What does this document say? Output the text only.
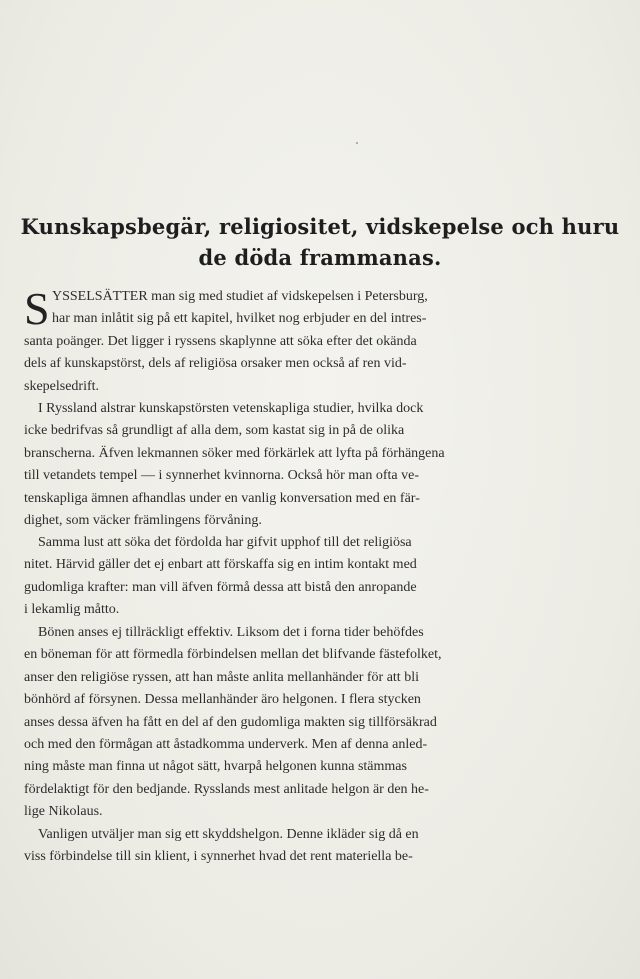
Kunskapsbegär, religiositet, vidskepelse och huru
de döda frammanas.
S YSSELSÄTTER man sig med studiet af vidskepelsen i Petersburg,
har man inlåtit sig på ett kapitel, hvilket nog erbjuder en del intres-
santa poänger. Det ligger i ryssens skaplynne att söka efter det okända
dels af kunskapstörst, dels af religiösa orsaker men också af ren vid-
skepelsedrift.
I Ryssland alstrar kunskapstörsten vetenskapliga studier, hvilka dock
icke bedrifvas så grundligt af alla dem, som kastat sig in på de olika
branscherna. Äfven lekmannen söker med förkärlek att lyfta på förhängena
till vetandets tempel — i synnerhet kvinnorna. Också hör man ofta ve-
tenskapliga ämnen afhandlas under en vanlig konversation med en fär-
dighet, som väcker främlingens förvåning.
Samma lust att söka det fördolda har gifvit upphof till det religiösa
nitet. Härvid gäller det ej enbart att förskaffa sig en intim kontakt med
gudomliga krafter: man vill äfven förmå dessa att bistå den anropande
i lekamlig måtto.
Bönen anses ej tillräckligt effektiv. Liksom det i forna tider behöfdes
en böneman för att förmedla förbindelsen mellan det blifvande fästefolket,
anser den religiöse ryssen, att han måste anlita mellanhänder för att bli
bönhörd af försynen. Dessa mellanhänder äro helgonen. I flera stycken
anses dessa äfven ha fått en del af den gudomliga makten sig tillförsäkrad
och med den förmågan att åstadkomma underverk. Men af denna anled-
ning måste man finna ut något sätt, hvarpå helgonen kunna stämmas
fördelaktigt för den bedjande. Rysslands mest anlitade helgon är den he-
lige Nikolaus.
Vanligen utväljer man sig ett skyddshelgon. Denne ikläder sig då en
viss förbindelse till sin klient, i synnerhet hvad det rent materiella be-
